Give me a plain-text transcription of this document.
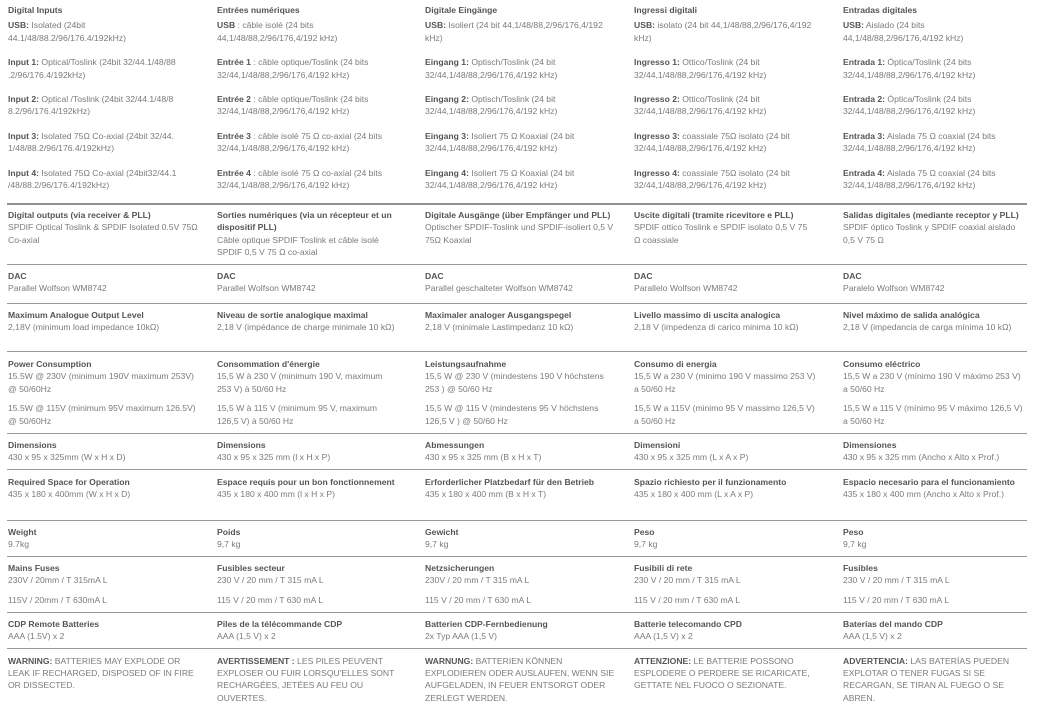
Digital Inputs
USB: Isolated (24bit 44.1/48/88.2/96/176.4/192kHz)
Input 1: Optical/Toslink (24bit 32/44.1/48/88 .2/96/176.4/192kHz)
Input 2: Optical /Toslink (24bit 32/44.1/48/8 8.2/96/176.4/192kHz)
Input 3: Isolated 75Ω Co-axial (24bit 32/44. 1/48/88.2/96/176.4/192kHz)
Input 4: Isolated 75Ω Co-axial (24bit32/44.1 /48/88.2/96/176.4/192kHz)
Digital outputs (via receiver & PLL)
SPDIF Optical Toslink & SPDIF Isolated 0.5V 75Ω Co-axial
DAC
Parallel Wolfson WM8742
Maximum Analogue Output Level
2,18V (minimum load impedance 10kΩ)
Dimensions
430 x 95 x 325mm (W x H x D)
Required Space for Operation
435 x 180 x 400mm (W x H x D)
Weight
9.7kg
CDP Remote Batteries
AAA (1.5V) x 2
Power Consumption
15.5W @ 230V (minimum 190V maximum 253V) @ 50/60Hz
15.5W @ 115V (minimum 95V maximum 126.5V) @ 50/60Hz
Mains Fuses
230V / 20mm / T 315mA L
115V / 20mm / T 630mA L
WARNING: BATTERIES MAY EXPLODE OR LEAK IF RECHARGED, DISPOSED OF IN FIRE OR DISSECTED.
Entrées numériques
USB : câble isolé (24 bits 44,1/48/88,2/96/176,4/192 kHz)
Entrée 1 : câble optique/Toslink (24 bits 32/44,1/48/88,2/96/176,4/192 kHz)
Entrée 2 : câble optique/Toslink (24 bits 32/44,1/48/88,2/96/176,4/192 kHz)
Entrée 3 : câble isolé 75 Ω co-axial (24 bits 32/44,1/48/88,2/96/176,4/192 kHz)
Entrée 4 : câble isolé 75 Ω co-axial (24 bits 32/44,1/48/88,2/96/176,4/192 kHz)
Sorties numériques (via un récepteur et un dispositif PLL)
Câble optique SPDIF Toslink et câble isolé SPDIF 0,5 V 75 Ω co-axial
DAC
Parallel Wolfson WM8742
Niveau de sortie analogique maximal
2,18 V (impédance de charge minimale 10 kΩ)
Dimensions
430 x 95 x 325 mm (l x H x P)
Espace requis pour un bon fonctionnement
435 x 180 x 400 mm (l x H x P)
Poids
9,7 kg
Piles de la télécommande CDP
AAA (1,5 V) x 2
Consommation d'énergie
15,5 W à 230 V (minimum 190 V, maximum 253 V) à 50/60 Hz
15,5 W à 115 V (minimum 95 V, maximum 126,5 V) à 50/60 Hz
Fusibles secteur
230 V / 20 mm / T 315 mA L
115 V / 20 mm / T 630 mA L
AVERTISSEMENT : LES PILES PEUVENT EXPLOSER OU FUIR LORSQU'ELLES SONT RECHARGÉES, JETÉES AU FEU OU OUVERTES.
Digitale Eingänge
USB: Isoliert (24 bit 44,1/48/88,2/96/176,4/192 kHz)
Eingang 1: Optisch/Toslink (24 bit 32/44,1/48/88,2/96/176,4/192 kHz)
Eingang 2: Optisch/Toslink (24 bit 32/44,1/48/88,2/96/176,4/192 kHz)
Eingang 3: Isoliert 75 Ω Koaxial (24 bit 32/44,1/48/88,2/96/176,4/192 kHz)
Eingang 4: Isoliert 75 Ω Koaxial (24 bit 32/44,1/48/88,2/96/176,4/192 kHz)
Digitale Ausgänge (über Empfänger und PLL)
Optischer SPDIF-Toslink und SPDIF-isoliert 0,5 V 75Ω Koaxial
DAC
Parallel geschalteter Wolfson WM8742
Maximaler analoger Ausgangspegel
2,18 V (minimale Lastimpedanz 10 kΩ)
Abmessungen
430 x 95 x 325 mm (B x H x T)
Erforderlicher Platzbedarf für den Betrieb
435 x 180 x 400 mm (B x H x T)
Gewicht
9,7 kg
Batterien CDP-Fernbedienung
2x Typ AAA (1,5 V)
Leistungsaufnahme
15,5 W @ 230 V (mindestens 190 V höchstens 253 ) @ 50/60 Hz
15,5 W @ 115 V (mindestens 95 V höchstens 126,5 V ) @ 50/60 Hz
Netzsicherungen
230V / 20 mm / T 315 mA L
115 V / 20 mm / T 630 mA L
WARNUNG: BATTERIEN KÖNNEN EXPLODIEREN ODER AUSLAUFEN, WENN SIE AUFGELADEN, IN FEUER ENTSORGT ODER ZERLEGT WERDEN.
Ingressi digitali
USB: isolato (24 bit 44,1/48/88,2/96/176,4/192 kHz)
Ingresso 1: Ottico/Toslink (24 bit 32/44,1/48/88,2/96/176,4/192 kHz)
Ingresso 2: Ottico/Toslink (24 bit 32/44,1/48/88,2/96/176,4/192 kHz)
Ingresso 3: coassiale 75Ω isolato (24 bit 32/44,1/48/88,2/96/176,4/192 kHz)
Ingresso 4: coassiale 75Ω isolato (24 bit 32/44,1/48/88,2/96/176,4/192 kHz)
Uscite digitali (tramite ricevitore e PLL)
SPDIF ottico Toslink e SPDIF isolato 0,5 V 75 Ω coassiale
DAC
Parallelo Wolfson WM8742
Livello massimo di uscita analogica
2,18 V (impedenza di carico minima 10 kΩ)
Dimensioni
430 x 95 x 325 mm (L x A x P)
Spazio richiesto per il funzionamento
435 x 180 x 400 mm (L x A x P)
Peso
9,7 kg
Batterie telecomando CPD
AAA (1,5 V) x 2
Consumo di energia
15,5 W a 230 V (minimo 190 V massimo 253 V) a 50/60 Hz
15,5 W a 115V (minimo 95 V massimo 126,5 V) a 50/60 Hz
Fusibili di rete
230 V / 20 mm / T 315 mA L
115 V / 20 mm / T 630 mA L
ATTENZIONE: LE BATTERIE POSSONO ESPLODERE O PERDERE SE RICARICATE, GETTATE NEL FUOCO O SEZIONATE.
Entradas digitales
USB: Aislado (24 bits 44,1/48/88,2/96/176,4/192 kHz)
Entrada 1: Óptica/Toslink (24 bits 32/44,1/48/88,2/96/176,4/192 kHz)
Entrada 2: Óptica/Toslink (24 bits 32/44,1/48/88,2/96/176,4/192 kHz)
Entrada 3: Aislada 75 Ω coaxial (24 bits 32/44,1/48/88,2/96/176,4/192 kHz)
Entrada 4: Aislada 75 Ω coaxial (24 bits 32/44,1/48/88,2/96/176,4/192 kHz)
Salidas digitales (mediante receptor y PLL)
SPDIF óptico Toslink y SPDIF coaxial aislado 0,5 V 75 Ω
DAC
Paralelo Wolfson WM8742
Nivel máximo de salida analógica
2,18 V (impedancia de carga mínima 10 kΩ)
Dimensiones
430 x 95 x 325 mm (Ancho x Alto x Prof.)
Espacio necesario para el funcionamiento
435 x 180 x 400 mm (Ancho x Alto x Prof.)
Peso
9,7 kg
Baterías del mando CDP
AAA (1,5 V) x 2
Consumo eléctrico
15,5 W a 230 V (mínimo 190 V máximo 253 V) a 50/60 Hz
15,5 W a 115 V (mínimo 95 V máximo 126,5 V) a 50/60 Hz
Fusibles
230 V / 20 mm / T 315 mA L
115 V / 20 mm / T 630 mA L
ADVERTENCIA: LAS BATERÍAS PUEDEN EXPLOTAR O TENER FUGAS SI SE RECARGAN, SE TIRAN AL FUEGO O SE ABREN.
